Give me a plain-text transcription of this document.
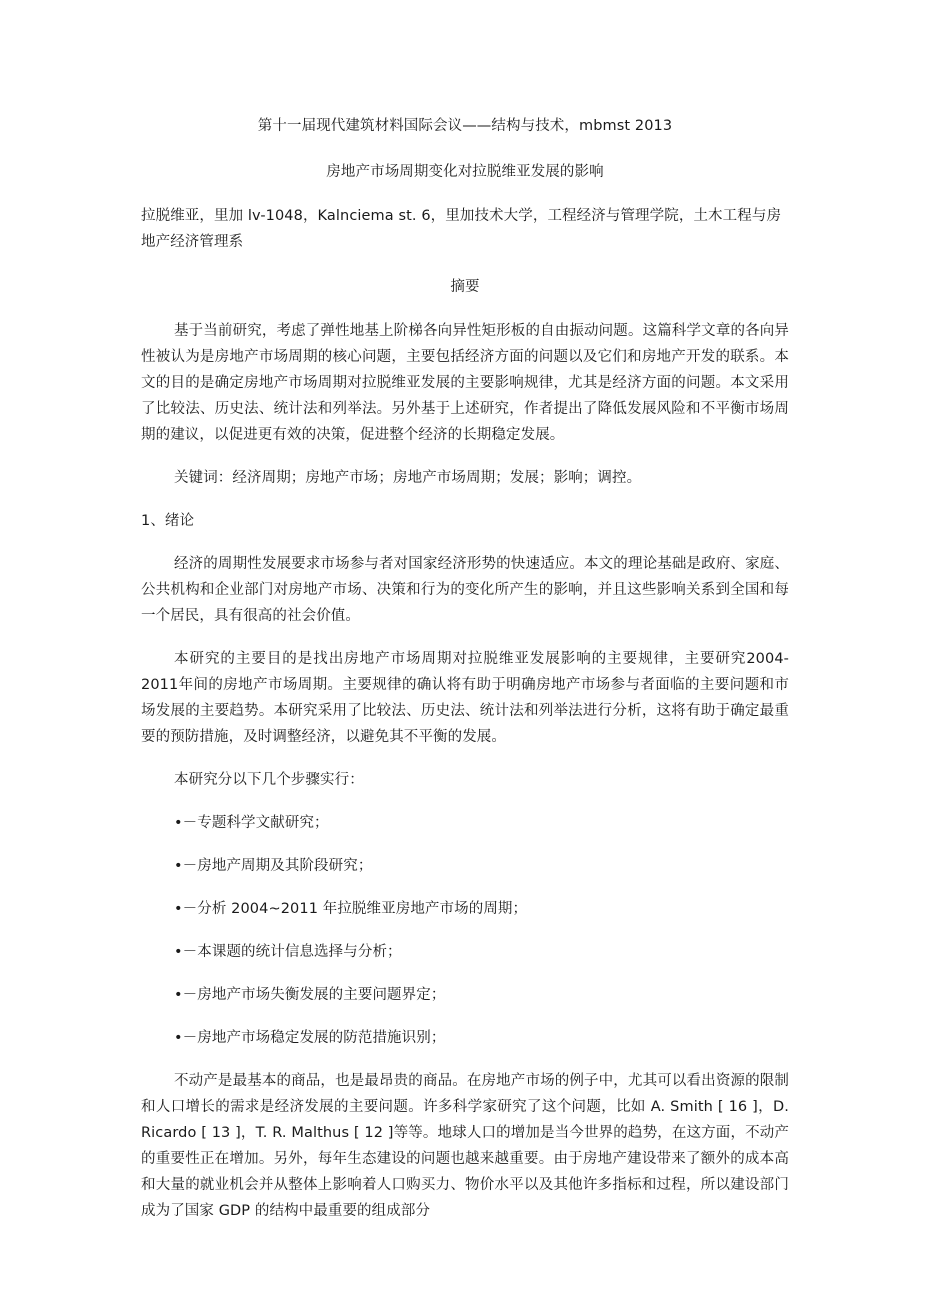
第十一届现代建筑材料国际会议——结构与技术，mbmst 2013

房地产市场周期变化对拉脱维亚发展的影响

拉脱维亚，里加 lv-1048，Kalnciema st. 6，里加技术大学，工程经济与管理学院，土木工程与房地产经济管理系

摘要

基于当前研究，考虑了弹性地基上阶梯各向异性矩形板的自由振动问题。这篇科学文章的各向异性被认为是房地产市场周期的核心问题，主要包括经济方面的问题以及它们和房地产开发的联系。本文的目的是确定房地产市场周期对拉脱维亚发展的主要影响规律，尤其是经济方面的问题。本文采用了比较法、历史法、统计法和列举法。另外基于上述研究，作者提出了降低发展风险和不平衡市场周期的建议，以促进更有效的决策，促进整个经济的长期稳定发展。

关键词：经济周期；房地产市场；房地产市场周期；发展；影响；调控。

1、绪论

经济的周期性发展要求市场参与者对国家经济形势的快速适应。本文的理论基础是政府、家庭、公共机构和企业部门对房地产市场、决策和行为的变化所产生的影响，并且这些影响关系到全国和每一个居民，具有很高的社会价值。

本研究的主要目的是找出房地产市场周期对拉脱维亚发展影响的主要规律，主要研究2004-2011年间的房地产市场周期。主要规律的确认将有助于明确房地产市场参与者面临的主要问题和市场发展的主要趋势。本研究采用了比较法、历史法、统计法和列举法进行分析，这将有助于确定最重要的预防措施，及时调整经济，以避免其不平衡的发展。

本研究分以下几个步骤实行：

•－专题科学文献研究；
•－房地产周期及其阶段研究；
•－分析 2004~2011 年拉脱维亚房地产市场的周期；
•－本课题的统计信息选择与分析；
•－房地产市场失衡发展的主要问题界定；
•－房地产市场稳定发展的防范措施识别；

不动产是最基本的商品，也是最昂贵的商品。在房地产市场的例子中，尤其可以看出资源的限制和人口增长的需求是经济发展的主要问题。许多科学家研究了这个问题，比如 A. Smith [ 16 ]，D. Ricardo [ 13 ]，T. R. Malthus [ 12 ]等等。地球人口的增加是当今世界的趋势，在这方面，不动产的重要性正在增加。另外，每年生态建设的问题也越来越重要。由于房地产建设带来了额外的成本高和大量的就业机会并从整体上影响着人口购买力、物价水平以及其他许多指标和过程，所以建设部门成为了国家 GDP 的结构中最重要的组成部分
